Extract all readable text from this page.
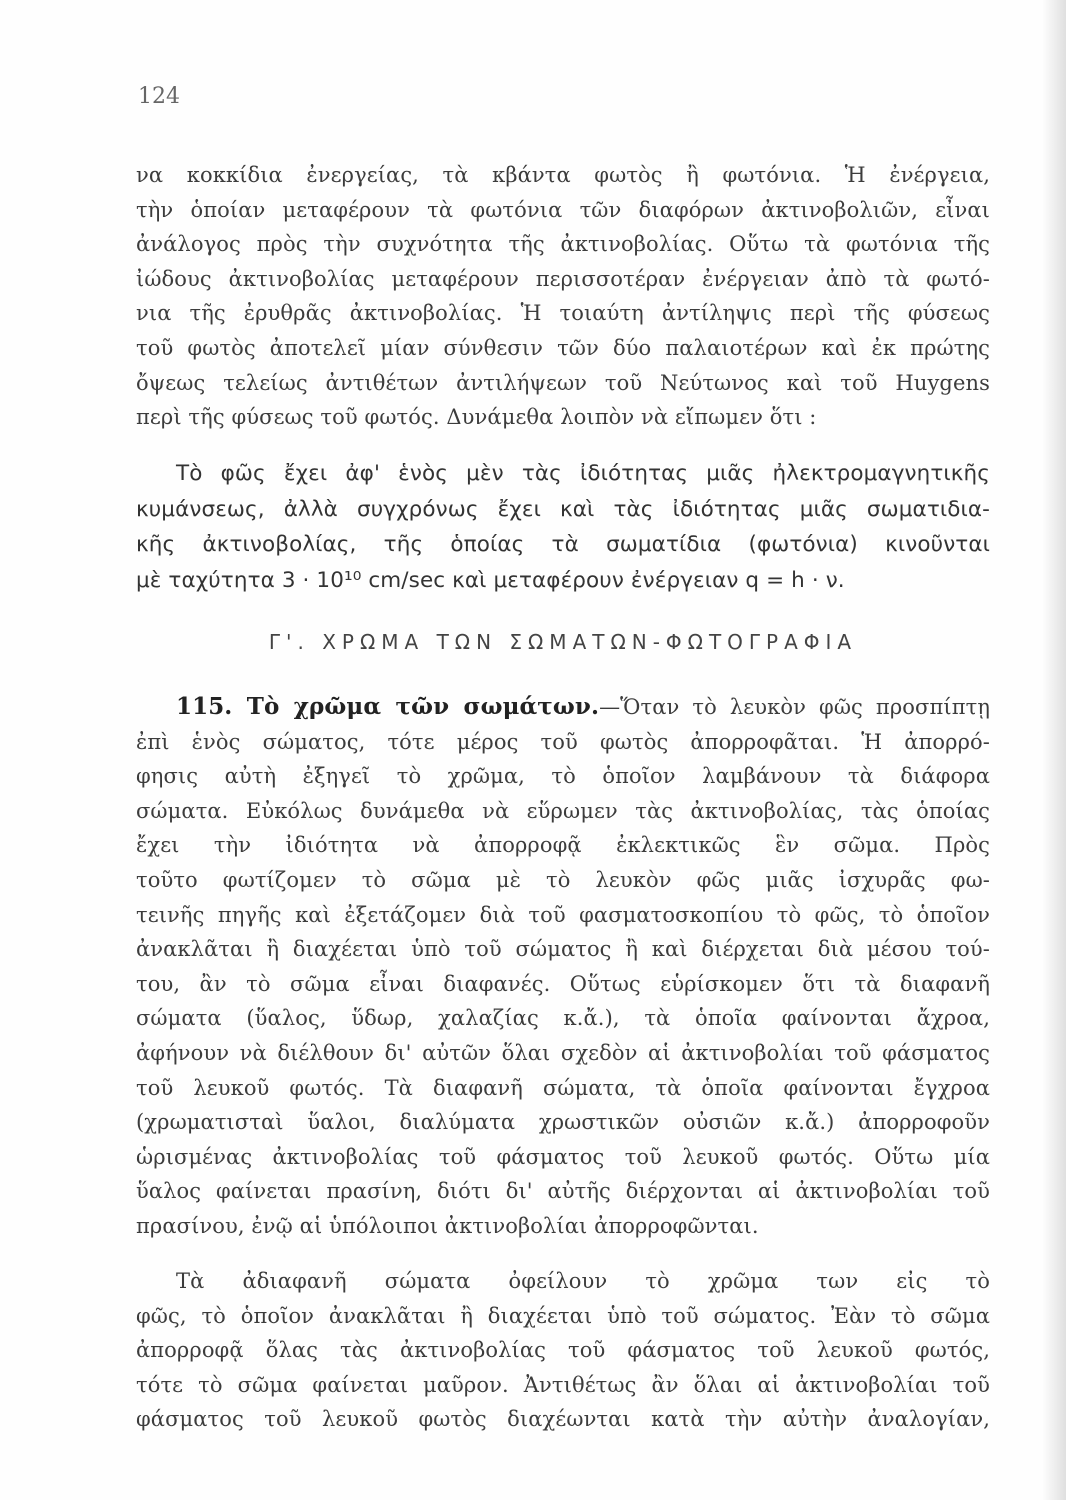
124
να κοκκίδια ἐνεργείας, τὰ κβάντα φωτὸς ἢ φωτόνια. Ἡ ἐνέργεια,
τὴν ὁποίαν μεταφέρουν τὰ φωτόνια τῶν διαφόρων ἀκτινοβολιῶν, εἶναι
ἀνάλογος πρὸς τὴν συχνότητα τῆς ἀκτινοβολίας. Οὕτω τὰ φωτόνια τῆς
ἰώδους ἀκτινοβολίας μεταφέρουν περισσοτέραν ἐνέργειαν ἀπὸ τὰ φωτό-
νια τῆς ἐρυθρᾶς ἀκτινοβολίας. Ἡ τοιαύτη ἀντίληψις περὶ τῆς φύσεως
τοῦ φωτὸς ἀποτελεῖ μίαν σύνθεσιν τῶν δύο παλαιοτέρων καὶ ἐκ πρώτης
ὄψεως τελείως ἀντιθέτων ἀντιλήψεων τοῦ Νεύτωνος καὶ τοῦ Huygens
περὶ τῆς φύσεως τοῦ φωτός. Δυνάμεθα λοιπὸν νὰ εἴπωμεν ὅτι :
Τὸ φῶς ἔχει ἀφ' ἑνὸς μὲν τὰς ἰδιότητας μιᾶς ἠλεκτρομαγνητικῆς
κυμάνσεως, ἀλλὰ συγχρόνως ἔχει καὶ τὰς ἰδιότητας μιᾶς σωματιδια-
κῆς ἀκτινοβολίας, τῆς ὁποίας τὰ σωματίδια (φωτόνια) κινοῦνται
μὲ ταχύτητα 3 · 10¹⁰ cm/sec καὶ μεταφέρουν ἐνέργειαν q = h · ν.
Γ'. ΧΡΩΜΑ ΤΩΝ ΣΩΜΑΤΩΝ-ΦΩΤΟΓΡΑΦΙΑ
115. Τὸ χρῶμα τῶν σωμάτων.—Ὅταν τὸ λευκὸν φῶς προσπίπτῃ
ἐπὶ ἑνὸς σώματος, τότε μέρος τοῦ φωτὸς ἀπορροφᾶται. Ἡ ἀπορρό-
φησις αὐτὴ ἐξηγεῖ τὸ χρῶμα, τὸ ὁποῖον λαμβάνουν τὰ διάφορα
σώματα. Εὐκόλως δυνάμεθα νὰ εὕρωμεν τὰς ἀκτινοβολίας, τὰς ὁποίας
ἔχει τὴν ἰδιότητα νὰ ἀπορροφᾷ ἐκλεκτικῶς ἓν σῶμα. Πρὸς
τοῦτο φωτίζομεν τὸ σῶμα μὲ τὸ λευκὸν φῶς μιᾶς ἰσχυρᾶς φω-
τεινῆς πηγῆς καὶ ἐξετάζομεν διὰ τοῦ φασματοσκοπίου τὸ φῶς, τὸ ὁποῖον
ἀνακλᾶται ἢ διαχέεται ὑπὸ τοῦ σώματος ἢ καὶ διέρχεται διὰ μέσου τού-
του, ἂν τὸ σῶμα εἶναι διαφανές. Οὕτως εὑρίσκομεν ὅτι τὰ διαφανῆ
σώματα (ὕαλος, ὕδωρ, χαλαζίας κ.ἄ.), τὰ ὁποῖα φαίνονται ἄχροα,
ἀφήνουν νὰ διέλθουν δι' αὐτῶν ὅλαι σχεδὸν αἱ ἀκτινοβολίαι τοῦ φάσματος
τοῦ λευκοῦ φωτός. Τὰ διαφανῆ σώματα, τὰ ὁποῖα φαίνονται ἔγχροα
(χρωματισταὶ ὕαλοι, διαλύματα χρωστικῶν οὐσιῶν κ.ἄ.) ἀπορροφοῦν
ὡρισμένας ἀκτινοβολίας τοῦ φάσματος τοῦ λευκοῦ φωτός. Οὕτω μία
ὕαλος φαίνεται πρασίνη, διότι δι' αὐτῆς διέρχονται αἱ ἀκτινοβολίαι τοῦ
πρασίνου, ἐνῷ αἱ ὑπόλοιποι ἀκτινοβολίαι ἀπορροφῶνται.
Τὰ ἀδιαφανῆ σώματα ὀφείλουν τὸ χρῶμα των εἰς τὸ
φῶς, τὸ ὁποῖον ἀνακλᾶται ἢ διαχέεται ὑπὸ τοῦ σώματος. Ἐὰν τὸ σῶμα
ἀπορροφᾷ ὅλας τὰς ἀκτινοβολίας τοῦ φάσματος τοῦ λευκοῦ φωτός,
τότε τὸ σῶμα φαίνεται μαῦρον. Ἀντιθέτως ἂν ὅλαι αἱ ἀκτινοβολίαι τοῦ
φάσματος τοῦ λευκοῦ φωτὸς διαχέωνται κατὰ τὴν αὐτὴν ἀναλογίαν,
